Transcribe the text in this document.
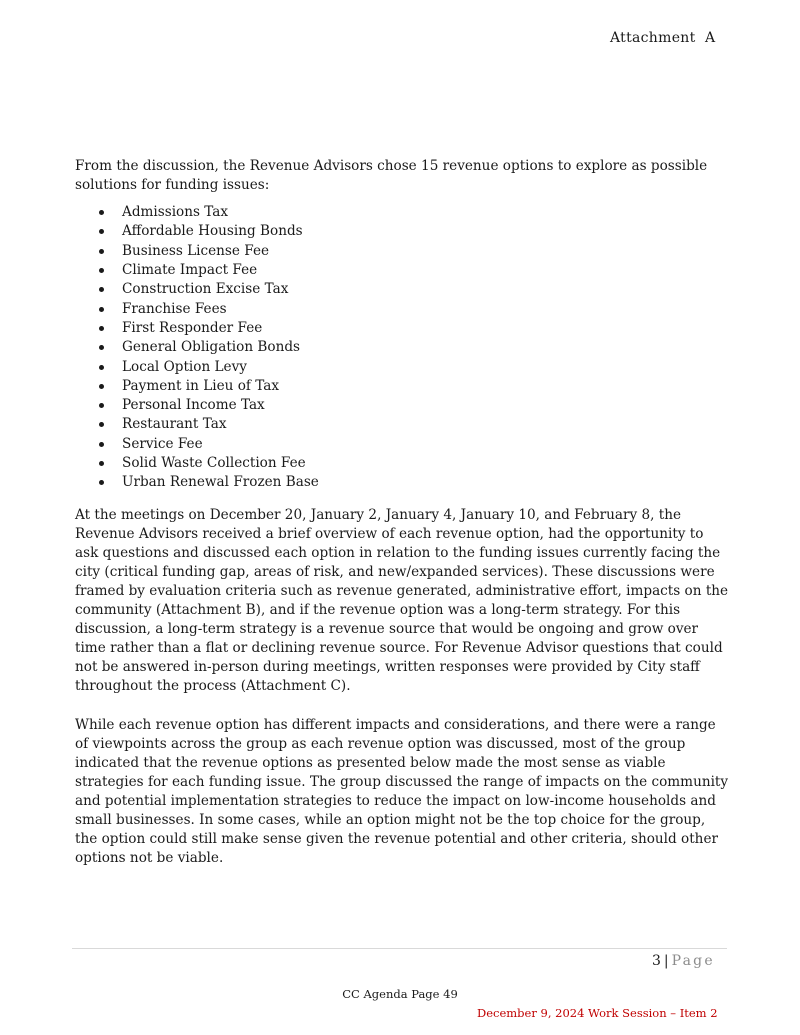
Attachment  A

From the discussion, the Revenue Advisors chose 15 revenue options to explore as possible solutions for funding issues:

Admissions Tax
Affordable Housing Bonds
Business License Fee
Climate Impact Fee
Construction Excise Tax
Franchise Fees
First Responder Fee
General Obligation Bonds
Local Option Levy
Payment in Lieu of Tax
Personal Income Tax
Restaurant Tax
Service Fee
Solid Waste Collection Fee
Urban Renewal Frozen Base

At the meetings on December 20, January 2, January 4, January 10, and February 8, the Revenue Advisors received a brief overview of each revenue option, had the opportunity to ask questions and discussed each option in relation to the funding issues currently facing the city (critical funding gap, areas of risk, and new/expanded services). These discussions were framed by evaluation criteria such as revenue generated, administrative effort, impacts on the community (Attachment B), and if the revenue option was a long-term strategy. For this discussion, a long-term strategy is a revenue source that would be ongoing and grow over time rather than a flat or declining revenue source. For Revenue Advisor questions that could not be answered in-person during meetings, written responses were provided by City staff throughout the process (Attachment C).

While each revenue option has different impacts and considerations, and there were a range of viewpoints across the group as each revenue option was discussed, most of the group indicated that the revenue options as presented below made the most sense as viable strategies for each funding issue. The group discussed the range of impacts on the community and potential implementation strategies to reduce the impact on low-income households and small businesses. In some cases, while an option might not be the top choice for the group, the option could still make sense given the revenue potential and other criteria, should other options not be viable.

3 | Page
CC Agenda Page 49
December 9, 2024 Work Session – Item 2
